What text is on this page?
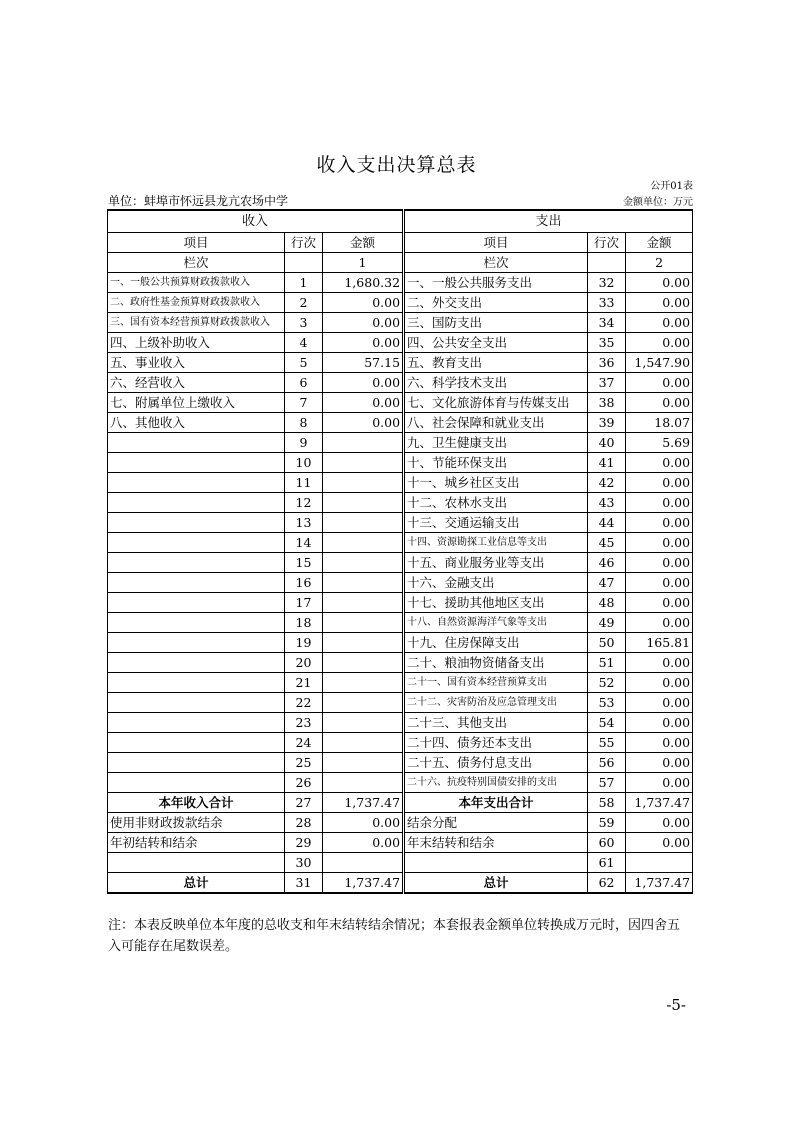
收入支出决算总表
公开01表
单位：蚌埠市怀远县龙亢农场中学	金额单位：万元
收入				支出		
项目	行次	金额		项目	行次	金额
栏次		1		栏次		2
一、一般公共预算财政拨款收入	1	1,680.32		一、一般公共服务支出	32	0.00
二、政府性基金预算财政拨款收入	2	0.00		二、外交支出	33	0.00
三、国有资本经营预算财政拨款收入	3	0.00		三、国防支出	34	0.00
四、上级补助收入	4	0.00		四、公共安全支出	35	0.00
五、事业收入	5	57.15		五、教育支出	36	1,547.90
六、经营收入	6	0.00		六、科学技术支出	37	0.00
七、附属单位上缴收入	7	0.00		七、文化旅游体育与传媒支出	38	0.00
八、其他收入	8	0.00		八、社会保障和就业支出	39	18.07
	9			九、卫生健康支出	40	5.69
	10			十、节能环保支出	41	0.00
	11			十一、城乡社区支出	42	0.00
	12			十二、农林水支出	43	0.00
	13			十三、交通运输支出	44	0.00
	14			十四、资源勘探工业信息等支出	45	0.00
	15			十五、商业服务业等支出	46	0.00
	16			十六、金融支出	47	0.00
	17			十七、援助其他地区支出	48	0.00
	18			十八、自然资源海洋气象等支出	49	0.00
	19			十九、住房保障支出	50	165.81
	20			二十、粮油物资储备支出	51	0.00
	21			二十一、国有资本经营预算支出	52	0.00
	22			二十二、灾害防治及应急管理支出	53	0.00
	23			二十三、其他支出	54	0.00
	24			二十四、债务还本支出	55	0.00
	25			二十五、债务付息支出	56	0.00
	26			二十六、抗疫特别国债安排的支出	57	0.00
本年收入合计	27	1,737.47		本年支出合计	58	1,737.47
使用非财政拨款结余	28	0.00		结余分配	59	0.00
年初结转和结余	29	0.00		年末结转和结余	60	0.00
	30				61	
总计	31	1,737.47		总计	62	1,737.47
注：本表反映单位本年度的总收支和年末结转结余情况；本套报表金额单位转换成万元时，因四舍五入可能存在尾数误差。
-5-
